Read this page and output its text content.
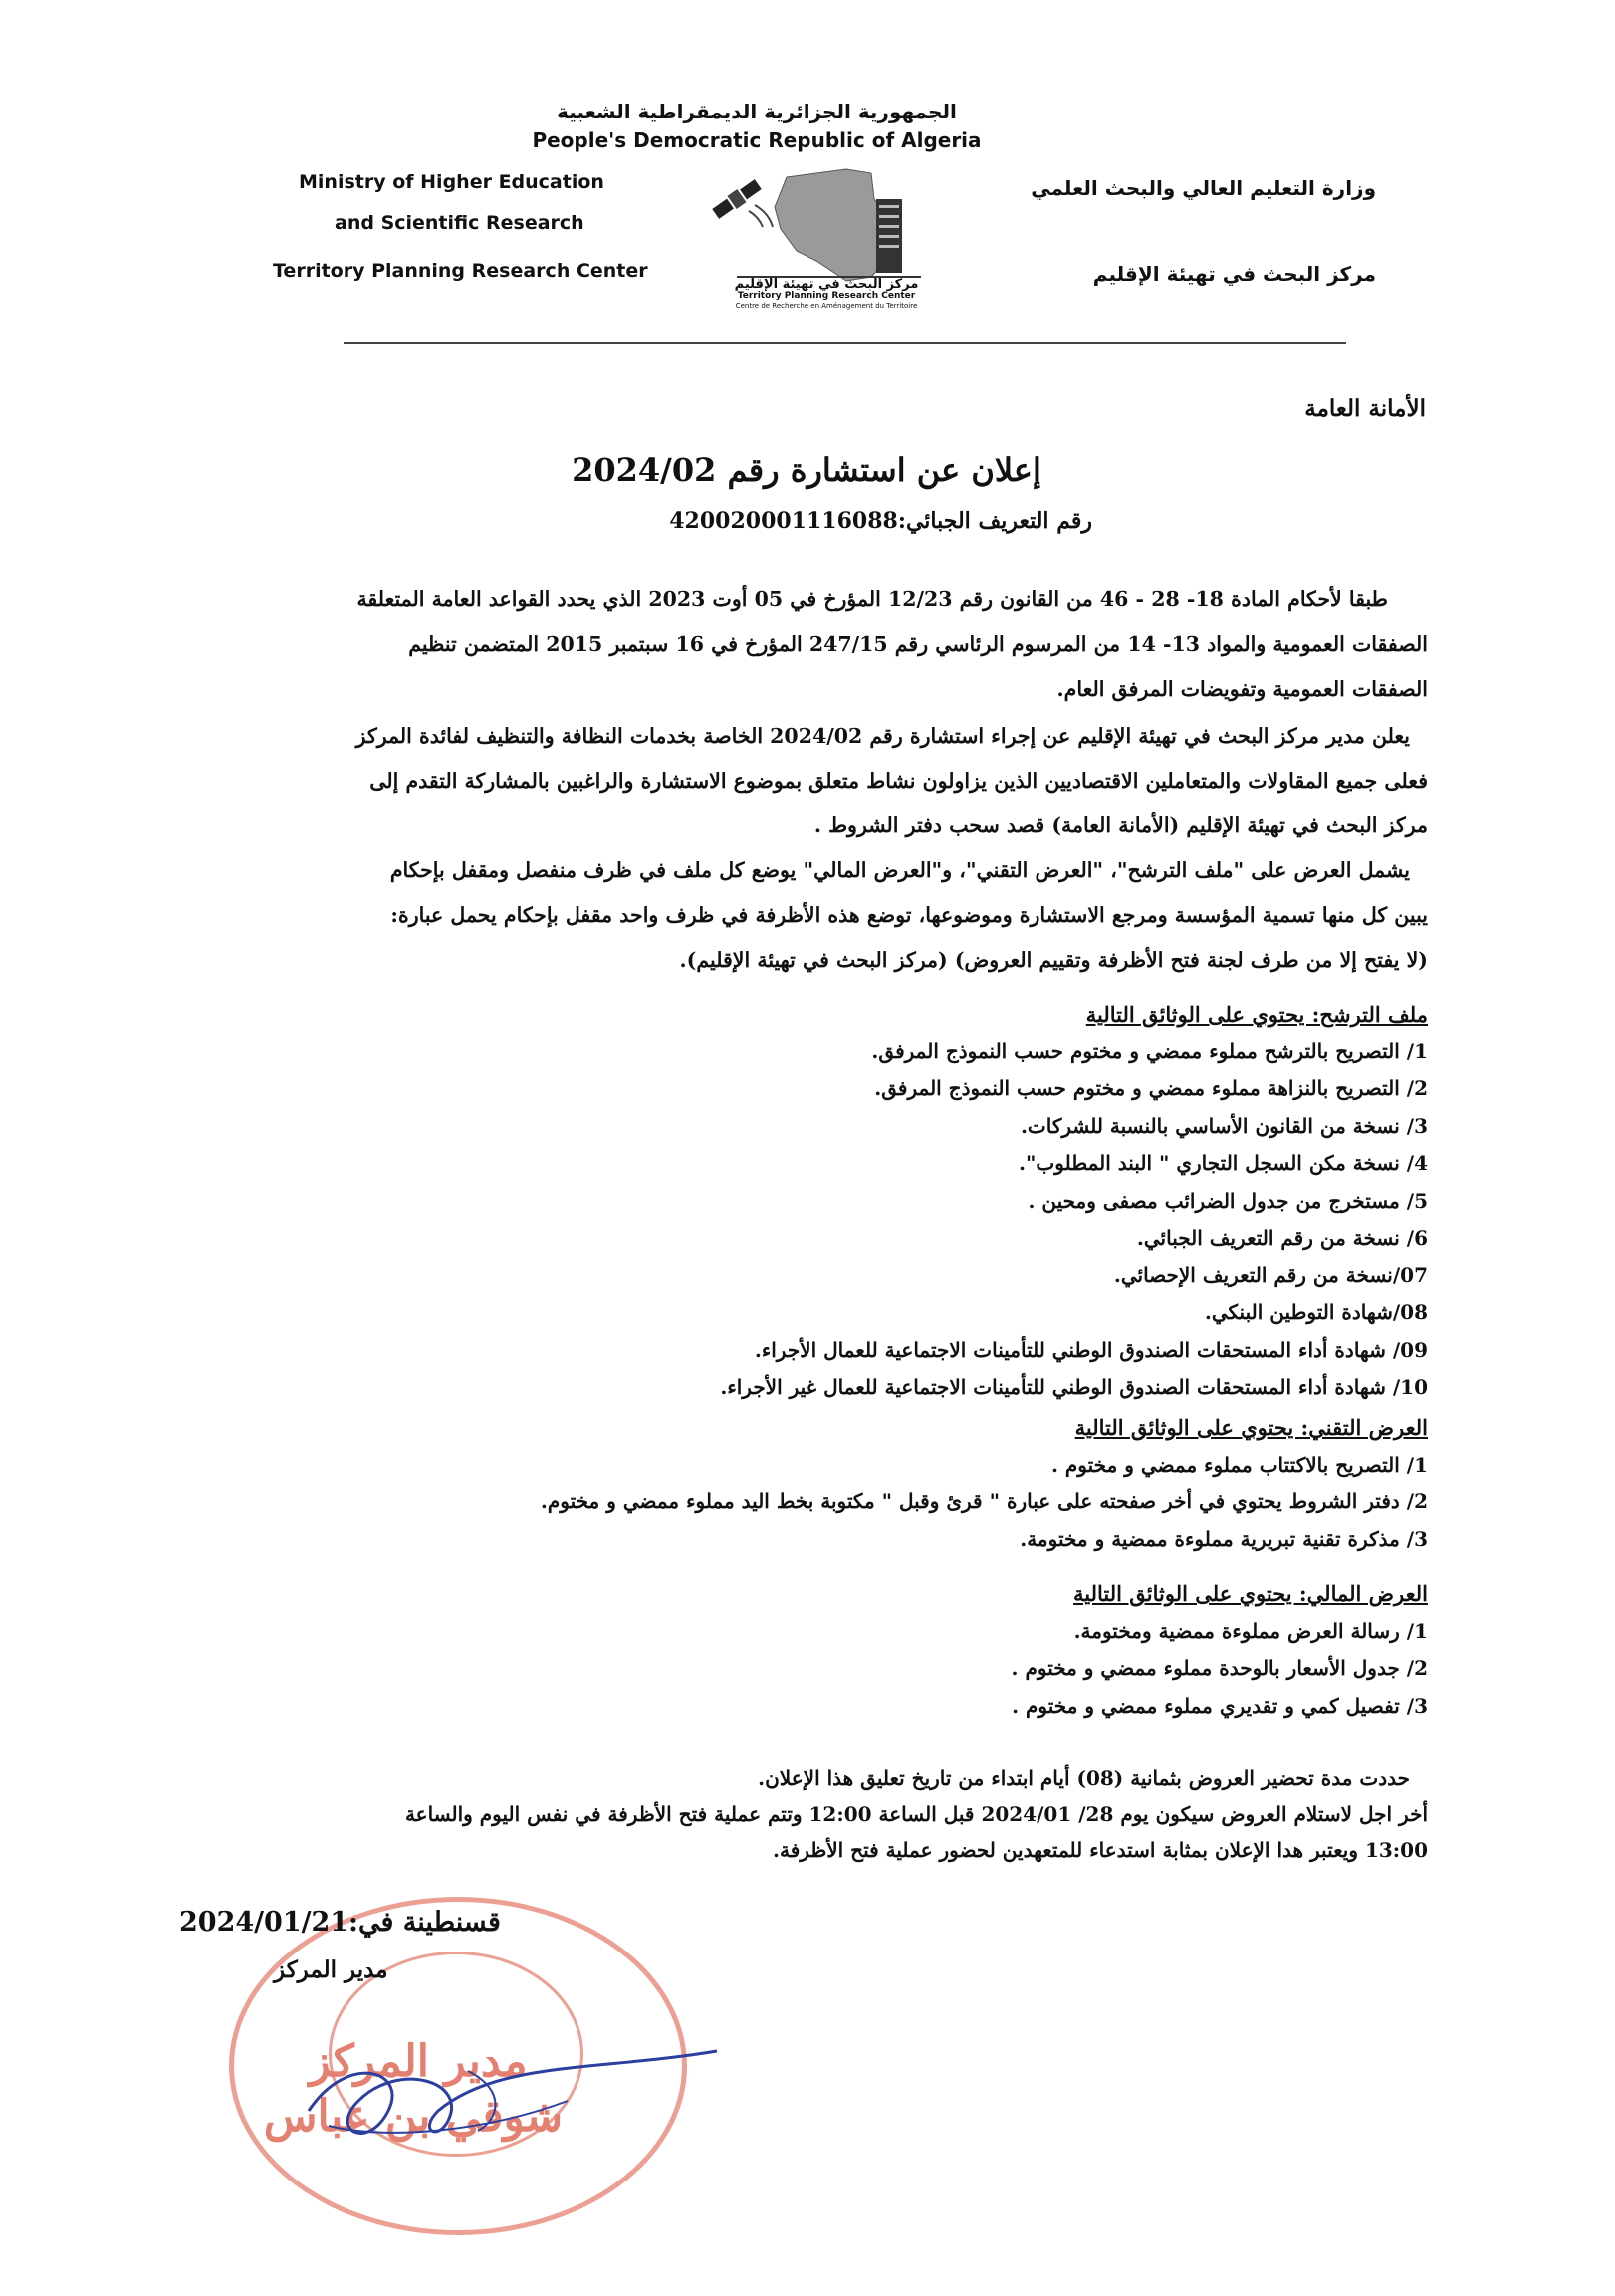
الجمهورية الجزائرية الديمقراطية الشعبية
People's Democratic Republic of Algeria
Ministry of Higher Education
and Scientific Research
Territory Planning Research Center
وزارة التعليم العالي والبحث العلمي
مركز البحث في تهيئة الإقليم
مركز البحث في تهيئة الإقليم
Territory Planning Research Center
Centre de Recherche en Aménagement du Territoire
الأمانة العامة
إعلان عن استشارة رقم 2024/02
رقم التعريف الجبائي:420020001116088
طبقا لأحكام المادة 18- 28 - 46 من القانون رقم 12/23 المؤرخ في 05 أوت 2023 الذي يحدد القواعد العامة المتعلقة
الصفقات العمومية والمواد 13- 14 من المرسوم الرئاسي رقم 247/15 المؤرخ في 16 سبتمبر 2015 المتضمن تنظيم
الصفقات العمومية وتفويضات المرفق العام.
يعلن مدير مركز البحث في تهيئة الإقليم عن إجراء استشارة رقم 2024/02 الخاصة بخدمات النظافة والتنظيف لفائدة المركز
فعلى جميع المقاولات والمتعاملين الاقتصاديين الذين يزاولون نشاط متعلق بموضوع الاستشارة والراغبين بالمشاركة التقدم إلى
مركز البحث في تهيئة الإقليم (الأمانة العامة) قصد سحب دفتر الشروط .
يشمل العرض على "ملف الترشح"، "العرض التقني"، و"العرض المالي" يوضع كل ملف في ظرف منفصل ومقفل بإحكام
يبين كل منها تسمية المؤسسة ومرجع الاستشارة وموضوعها، توضع هذه الأظرفة في ظرف واحد مقفل بإحكام يحمل عبارة:
(لا يفتح إلا من طرف لجنة فتح الأظرفة وتقييم العروض) (مركز البحث في تهيئة الإقليم).
ملف الترشح: يحتوي على الوثائق التالية
1/ التصريح بالترشح مملوء ممضي و مختوم حسب النموذج المرفق.
2/ التصريح بالنزاهة مملوء ممضي و مختوم حسب النموذج المرفق.
3/ نسخة من القانون الأساسي بالنسبة للشركات.
4/ نسخة مكن السجل التجاري " البند المطلوب".
5/ مستخرج من جدول الضرائب مصفى ومحين .
6/ نسخة من رقم التعريف الجبائي.
07/نسخة من رقم التعريف الإحصائي.
08/شهادة التوطين البنكي.
09/ شهادة أداء المستحقات الصندوق الوطني للتأمينات الاجتماعية للعمال الأجراء.
10/ شهادة أداء المستحقات الصندوق الوطني للتأمينات الاجتماعية للعمال غير الأجراء.
العرض التقني: يحتوي على الوثائق التالية
1/ التصريح بالاكتتاب مملوء ممضي و مختوم .
2/ دفتر الشروط يحتوي في أخر صفحته على عبارة " قرئ وقبل " مكتوبة بخط اليد مملوء ممضي و مختوم.
3/ مذكرة تقنية تبريرية مملوءة ممضية و مختومة.
العرض المالي: يحتوي على الوثائق التالية
1/ رسالة العرض مملوءة ممضية ومختومة.
2/ جدول الأسعار بالوحدة مملوء ممضي و مختوم .
3/ تفصيل كمي و تقديري مملوء ممضي و مختوم .
حددت مدة تحضير العروض بثمانية (08) أيام ابتداء من تاريخ تعليق هذا الإعلان.
أخر اجل لاستلام العروض سيكون يوم 28/ 2024/01 قبل الساعة 12:00 وتتم عملية فتح الأظرفة في نفس اليوم والساعة
13:00 ويعتبر هدا الإعلان بمثابة استدعاء للمتعهدين لحضور عملية فتح الأظرفة.
قسنطينة في:2024/01/21
مدير المركز
مدير المركز
شوقي بن عباس
